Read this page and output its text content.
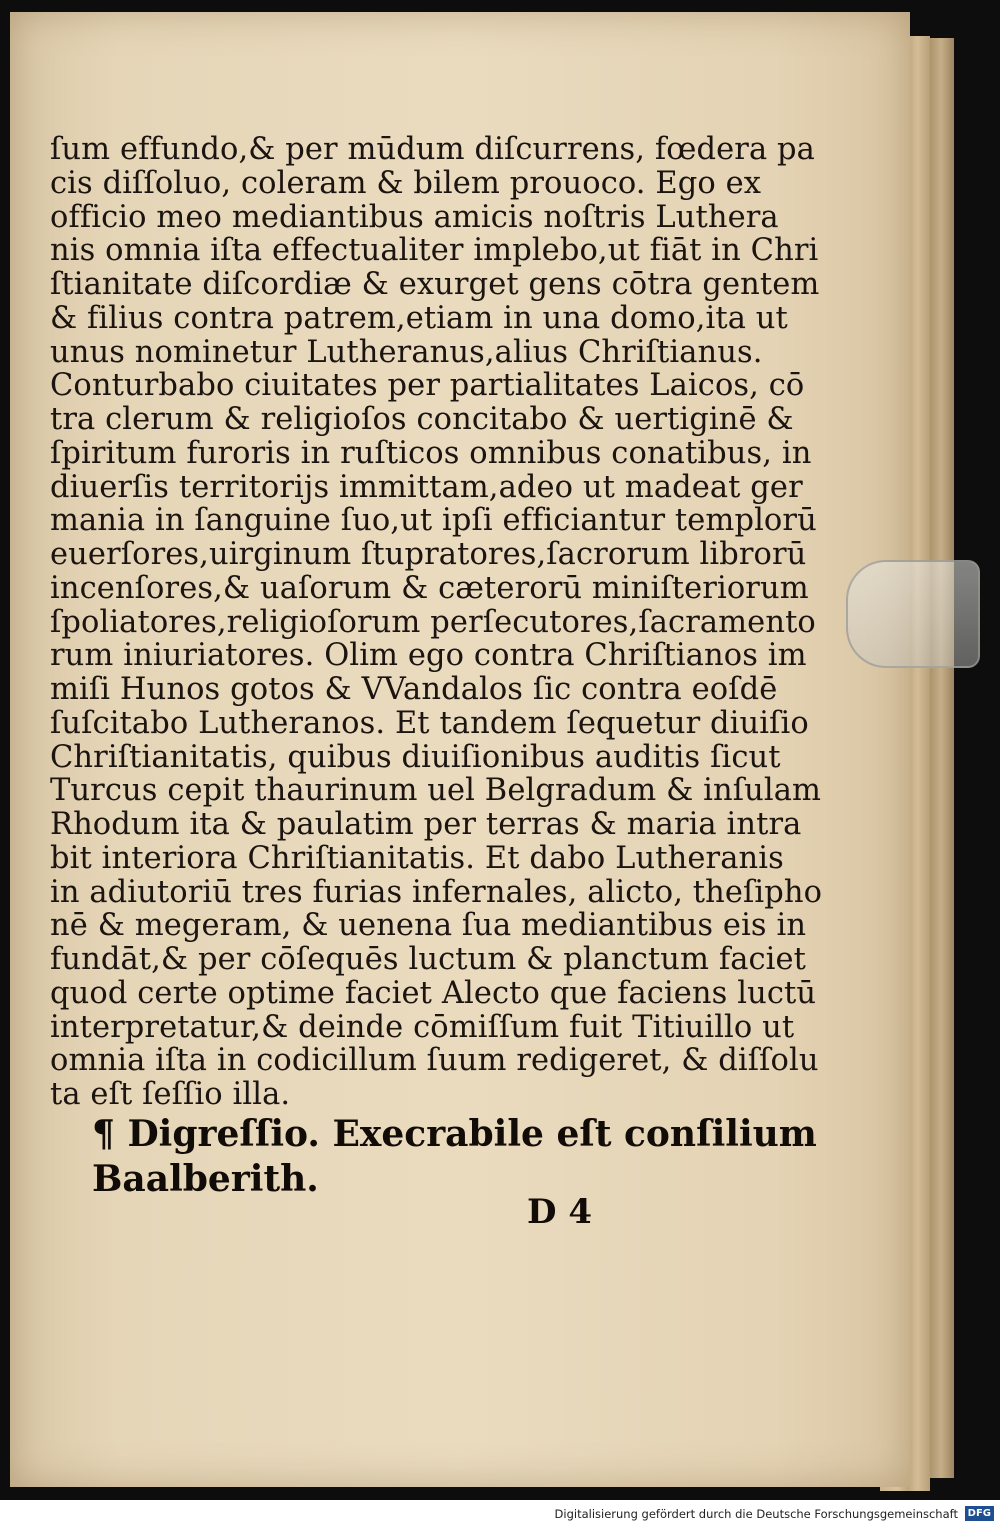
ſum effundo,& per mūdum diſcurrens, fœdera pa
cis diſſoluo, coleram & bilem prouoco. Ego ex
officio meo mediantibus amicis noſtris Luthera
nis omnia iſta effectualiter implebo,ut fiāt in Chri
ſtianitate diſcordiæ & exurget gens cōtra gentem
& filius contra patrem,etiam in una domo,ita ut
unus nominetur Lutheranus,alius Chriſtianus.
Conturbabo ciuitates per partialitates Laicos, cō
tra clerum & religioſos concitabo & uertiginē &
ſpiritum furoris in ruſticos omnibus conatibus, in
diuerſis territorijs immittam,adeo ut madeat ger
mania in ſanguine ſuo,ut ipſi efficiantur templorū
euerſores,uirginum ſtupratores,ſacrorum librorū
incenſores,& uaſorum & cæterorū miniſteriorum
ſpoliatores,religioſorum perſecutores,ſacramento
rum iniuriatores. Olim ego contra Chriſtianos im
miſi Hunos gotos & VVandalos ſic contra eoſdē
ſuſcitabo Lutheranos. Et tandem ſequetur diuiſio
Chriſtianitatis, quibus diuiſionibus auditis ſicut
Turcus cepit thaurinum uel Belgradum & inſulam
Rhodum ita & paulatim per terras & maria intra
bit interiora Chriſtianitatis. Et dabo Lutheranis
in adiutoriū tres furias infernales, alicto, theſipho
nē & megeram, & uenena ſua mediantibus eis in
fundāt,& per cōſequēs luctum & planctum faciet
quod certe optime faciet Alecto que faciens luctū
interpretatur,& deinde cōmiſſum fuit Titiuillo ut
omnia iſta in codicillum ſuum redigeret, & diſſolu
ta eſt ſeſſio illa.
¶ Digreſſio. Execrabile eſt conſilium
Baalberith.
D 4
Digitalisierung gefördert durch die Deutsche Forschungsgemeinschaft DFG
